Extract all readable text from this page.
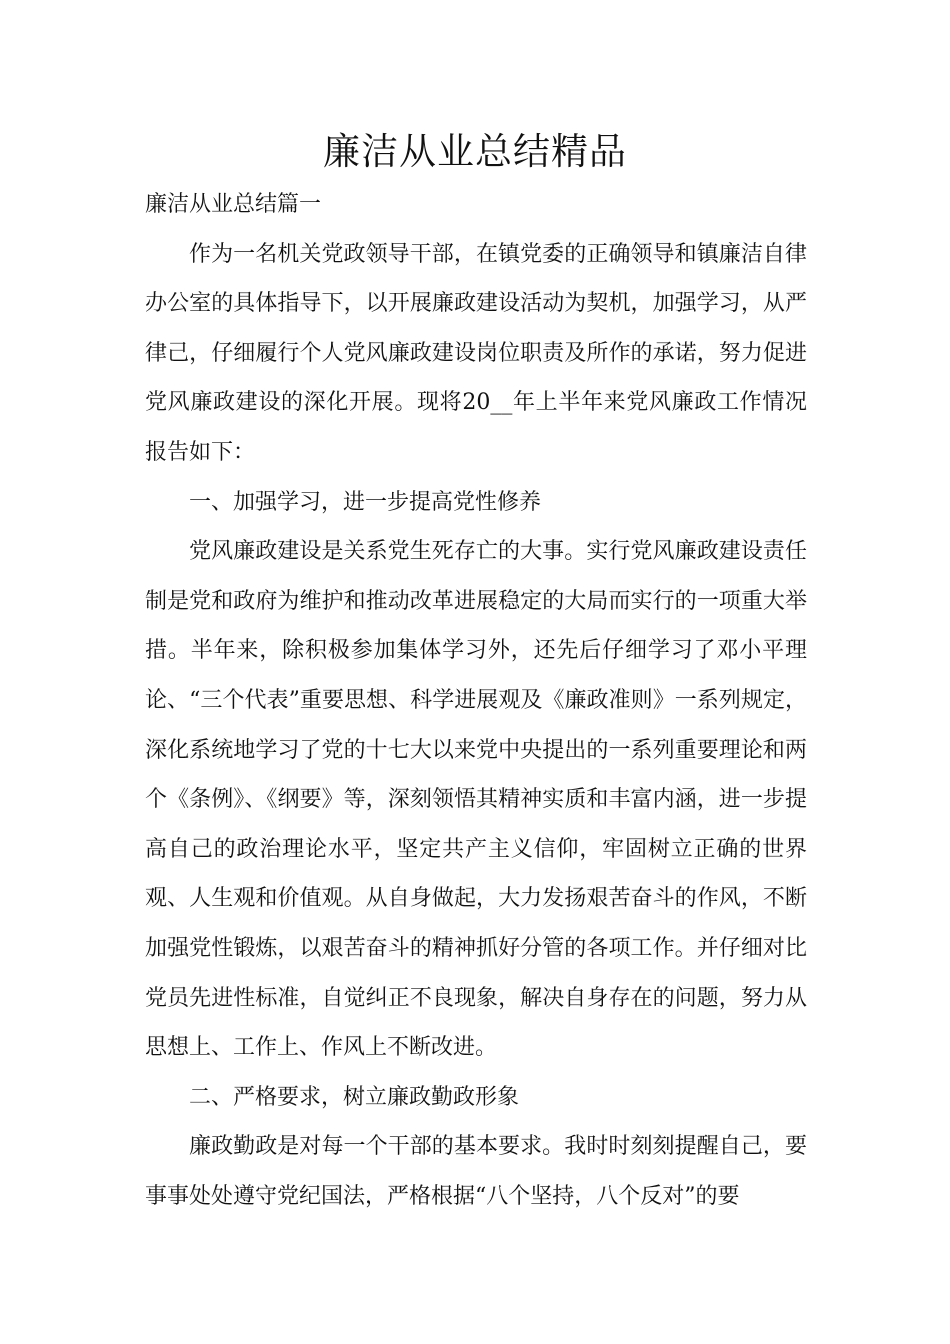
廉洁从业总结精品

廉洁从业总结篇一

作为一名机关党政领导干部，在镇党委的正确领导和镇廉洁自律办公室的具体指导下，以开展廉政建设活动为契机，加强学习，从严律己，仔细履行个人党风廉政建设岗位职责及所作的承诺，努力促进党风廉政建设的深化开展。现将20__年上半年来党风廉政工作情况报告如下：

一、加强学习，进一步提高党性修养

党风廉政建设是关系党生死存亡的大事。实行党风廉政建设责任制是党和政府为维护和推动改革进展稳定的大局而实行的一项重大举措。半年来，除积极参加集体学习外，还先后仔细学习了邓小平理论、“三个代表”重要思想、科学进展观及《廉政准则》一系列规定，深化系统地学习了党的十七大以来党中央提出的一系列重要理论和两个《条例》、《纲要》等，深刻领悟其精神实质和丰富内涵，进一步提高自己的政治理论水平，坚定共产主义信仰，牢固树立正确的世界观、人生观和价值观。从自身做起，大力发扬艰苦奋斗的作风，不断加强党性锻炼，以艰苦奋斗的精神抓好分管的各项工作。并仔细对比党员先进性标准，自觉纠正不良现象，解决自身存在的问题，努力从思想上、工作上、作风上不断改进。

二、严格要求，树立廉政勤政形象

廉政勤政是对每一个干部的基本要求。我时时刻刻提醒自己，要事事处处遵守党纪国法，严格根据“八个坚持，八个反对”的要
